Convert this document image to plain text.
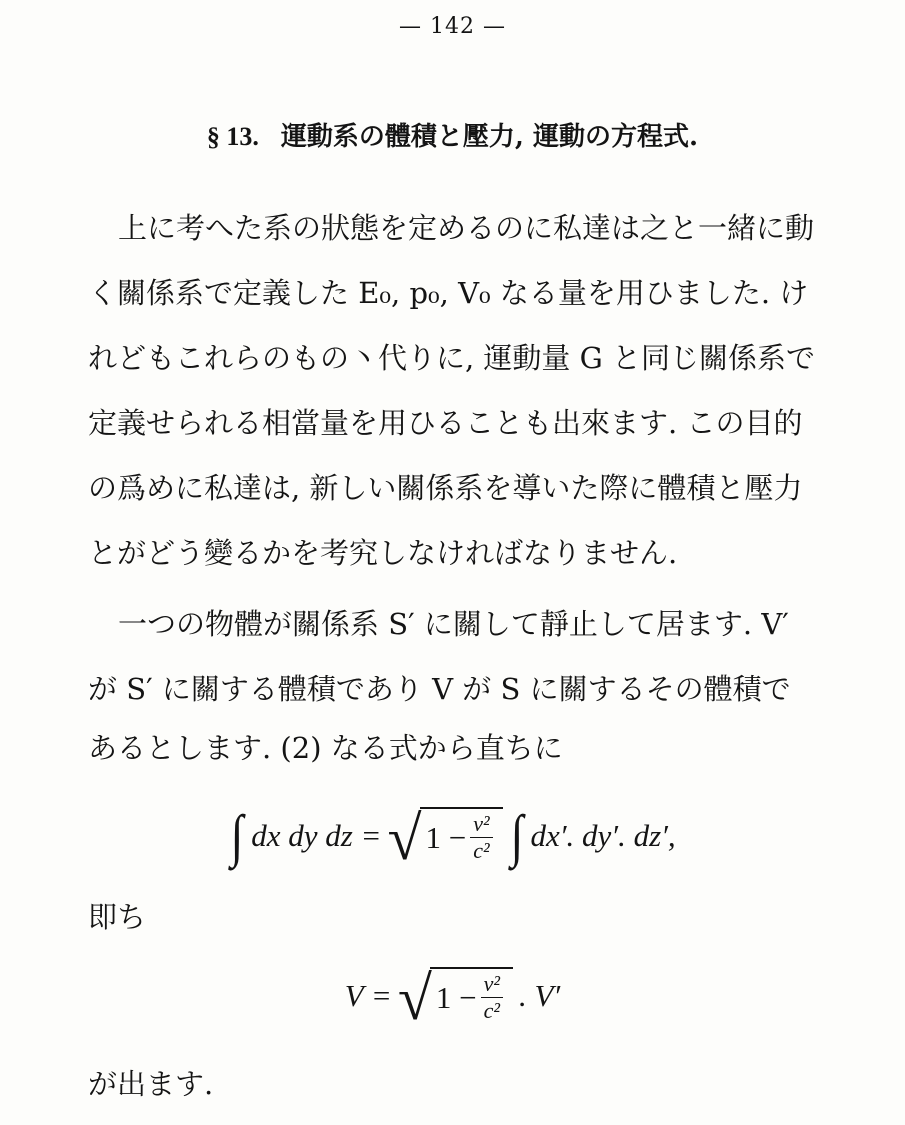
— 142 —
§ 13. 運動系の體積と壓力, 運動の方程式.
上に考へた系の狀態を定めるのに私達は之と一緒に動
く關係系で定義した E₀, p₀, V₀ なる量を用ひました. け
れどもこれらのもの丶代りに, 運動量 G と同じ關係系で
定義せられる相當量を用ひることも出來ます. この目的
の爲めに私達は, 新しい關係系を導いた際に體積と壓力
とがどう變るかを考究しなければなりません.
一つの物體が關係系 S′ に關して靜止して居ます. V′
が S′ に關する體積であり V が S に關するその體積で
あるとします. (2) なる式から直ちに
∫ dx dy dz = √ $1 - \frac{\text{v²}}{\text{c²}}$ ∫ dx′. dy′. dz′,
即ち
V = √ $1 - \frac{\text{v²}}{\text{c²}}$ . V′
が出ます.
